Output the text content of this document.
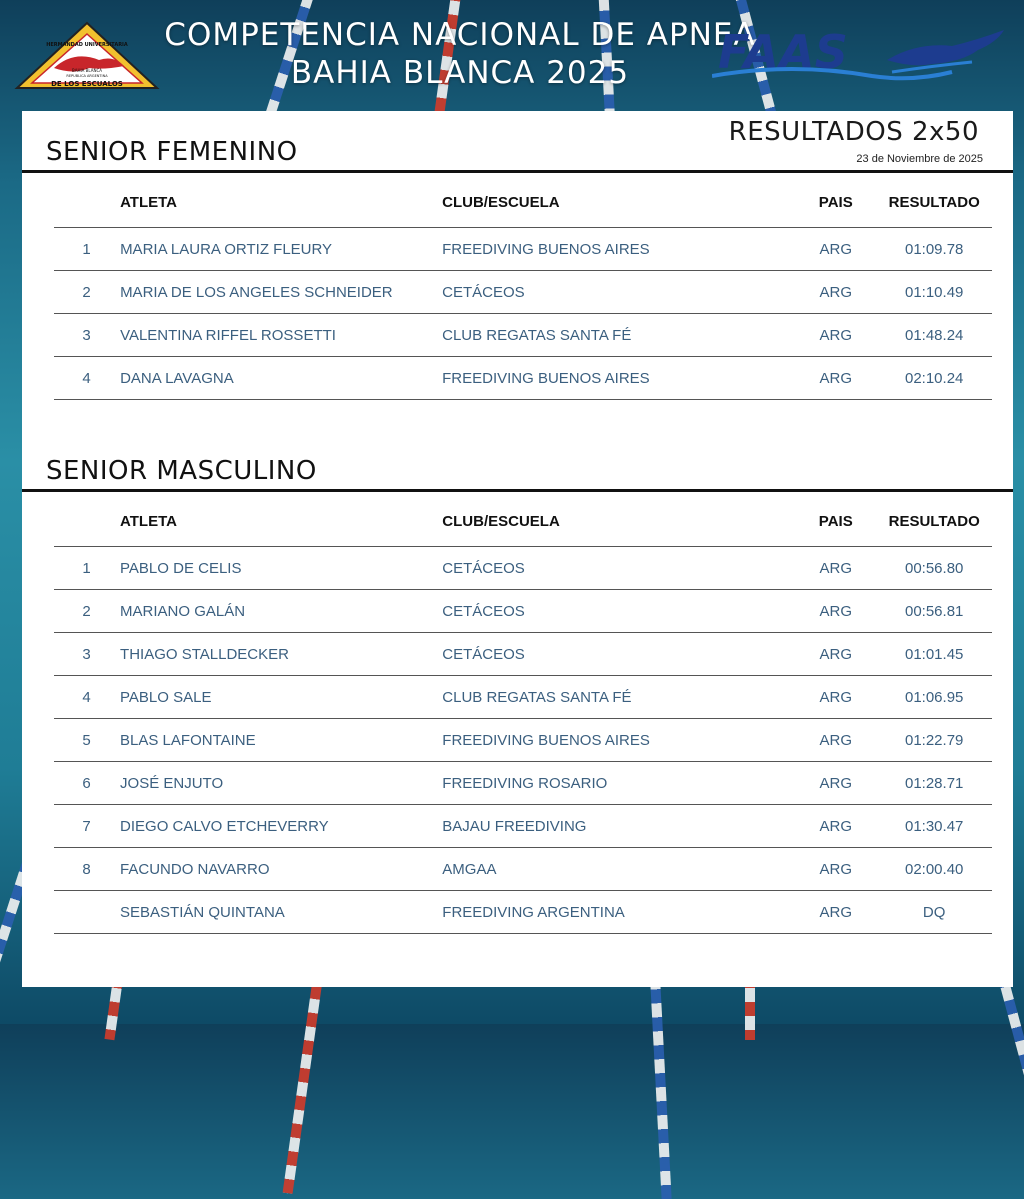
DE LOS ESCUALOS
BAHIA BLANCA
REPUBLICA ARGENTINA
HERMANDAD UNIVERSITARIA	COMPETENCIA NACIONAL DE APNEA
BAHIA BLANCA 2025	FAAS
RESULTADOS 2x50
23 de Noviembre de 2025
SENIOR FEMENINO
	ATLETA	CLUB/ESCUELA	PAIS	RESULTADO
1	MARIA LAURA ORTIZ FLEURY	FREEDIVING BUENOS AIRES	ARG	01:09.78
2	MARIA DE LOS ANGELES SCHNEIDER	CETÁCEOS	ARG	01:10.49
3	VALENTINA RIFFEL ROSSETTI	CLUB REGATAS SANTA FÉ	ARG	01:48.24
4	DANA LAVAGNA	FREEDIVING BUENOS AIRES	ARG	02:10.24
SENIOR MASCULINO
	ATLETA	CLUB/ESCUELA	PAIS	RESULTADO
1	PABLO DE CELIS	CETÁCEOS	ARG	00:56.80
2	MARIANO GALÁN	CETÁCEOS	ARG	00:56.81
3	THIAGO STALLDECKER	CETÁCEOS	ARG	01:01.45
4	PABLO SALE	CLUB REGATAS SANTA FÉ	ARG	01:06.95
5	BLAS LAFONTAINE	FREEDIVING BUENOS AIRES	ARG	01:22.79
6	JOSÉ ENJUTO	FREEDIVING ROSARIO	ARG	01:28.71
7	DIEGO CALVO ETCHEVERRY	BAJAU FREEDIVING	ARG	01:30.47
8	FACUNDO NAVARRO	AMGAA	ARG	02:00.40
	SEBASTIÁN QUINTANA	FREEDIVING ARGENTINA	ARG	DQ
